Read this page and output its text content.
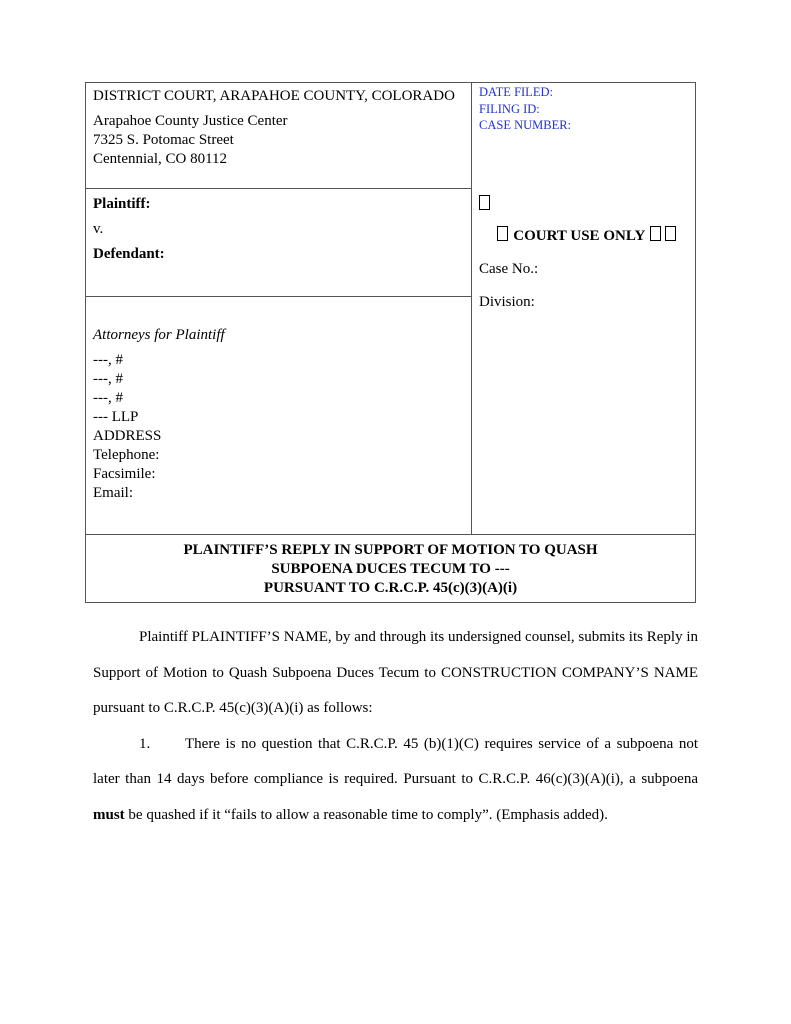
DISTRICT COURT, ARAPAHOE COUNTY, COLORADO
Arapahoe County Justice Center
7325 S. Potomac Street
Centennial, CO 80112
DATE FILED:
FILING ID:
CASE NUMBER:
Plaintiff:
v.
Defendant:
COURT USE ONLY
Case No.:
Division:
Attorneys for Plaintiff
---, #
---, #
---, #
--- LLP
ADDRESS
Telephone:
Facsimile:
Email:
PLAINTIFF’S REPLY IN SUPPORT OF MOTION TO QUASH
SUBPOENA DUCES TECUM TO ---
PURSUANT TO C.R.C.P. 45(c)(3)(A)(i)

Plaintiff PLAINTIFF’S NAME, by and through its undersigned counsel, submits its Reply in Support of Motion to Quash Subpoena Duces Tecum to CONSTRUCTION COMPANY’S NAME pursuant to C.R.C.P. 45(c)(3)(A)(i) as follows:

1. There is no question that C.R.C.P. 45 (b)(1)(C) requires service of a subpoena not later than 14 days before compliance is required. Pursuant to C.R.C.P. 46(c)(3)(A)(i), a subpoena must be quashed if it “fails to allow a reasonable time to comply”. (Emphasis added).
